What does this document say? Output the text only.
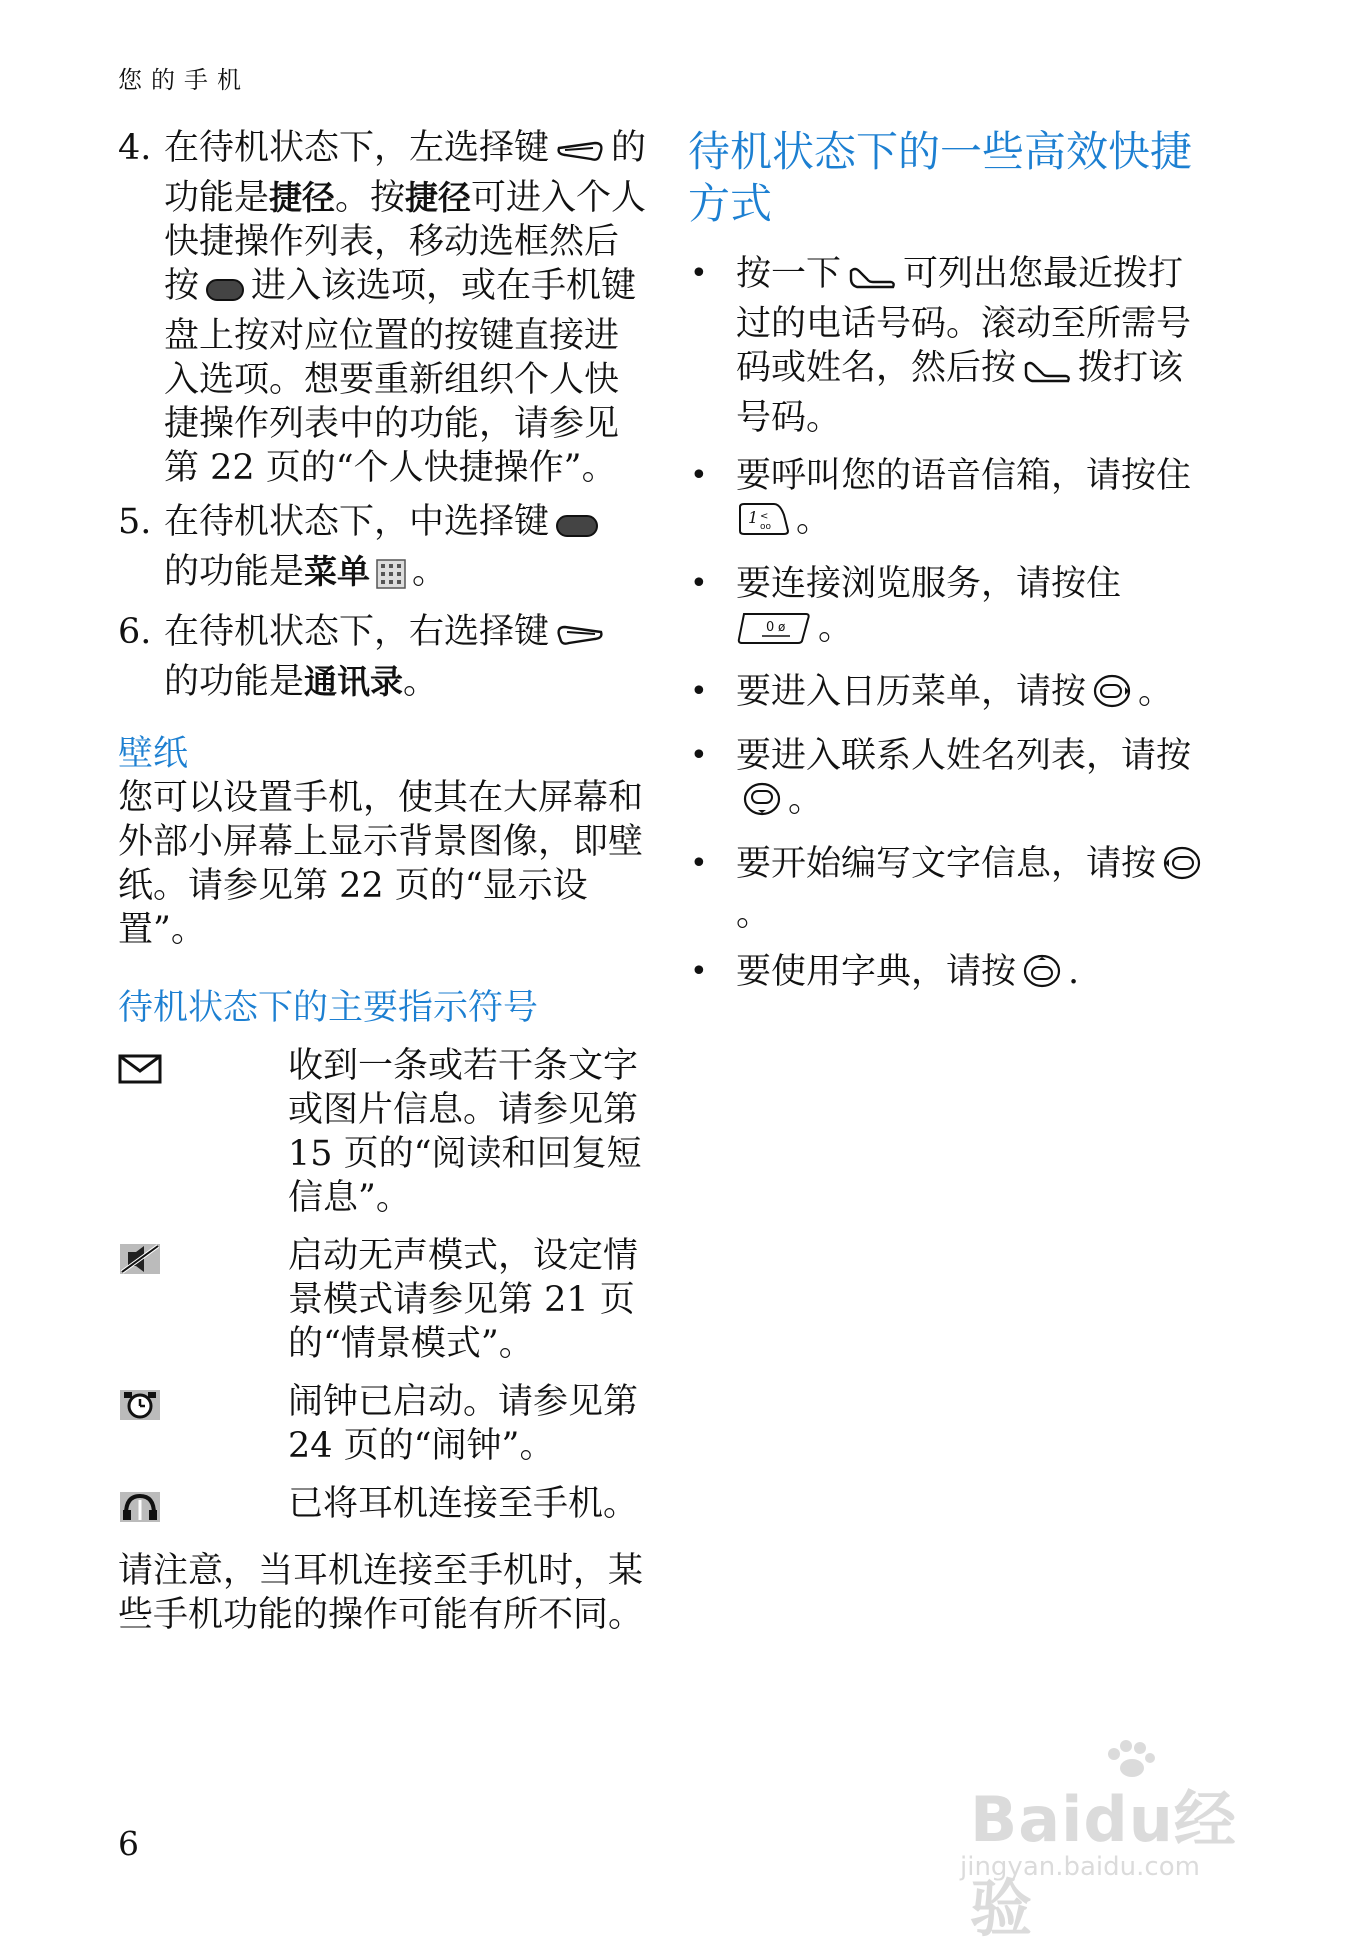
您的手机
4. 在待机状态下，左选择键 的功能是捷径。按捷径可进入个人快捷操作列表，移动选框然后按 进入该选项，或在手机键盘上按对应位置的按键直接进入选项。想要重新组织个人快捷操作列表中的功能，请参见第 22 页的“个人快捷操作”。
5. 在待机状态下，中选择键
的功能是菜单 。
6. 在待机状态下，右选择键
的功能是通讯录。
壁纸
您可以设置手机，使其在大屏幕和外部小屏幕上显示背景图像，即壁纸。请参见第 22 页的“显示设置”。
待机状态下的主要指示符号
收到一条或若干条文字或图片信息。请参见第 15 页的“阅读和回复短信息”。
启动无声模式，设定情景模式请参见第 21 页的“情景模式”。
闹钟已启动。请参见第 24 页的“闹钟”。
已将耳机连接至手机。
请注意，当耳机连接至手机时，某些手机功能的操作可能有所不同。
待机状态下的一些高效快捷方式
• 按一下 可列出您最近拨打过的电话号码。滚动至所需号码或姓名，然后按 拨打该号码。
• 要呼叫您的语音信箱，请按住

1 <
oo 。
• 要连接浏览服务，请按住

0 ø 。
• 要进入日历菜单，请按 。
• 要进入联系人姓名列表，请按。
• 要开始编写文字信息，请按。
• 要使用字典，请按 .
6	Baidu经验
jingyan.baidu.com
